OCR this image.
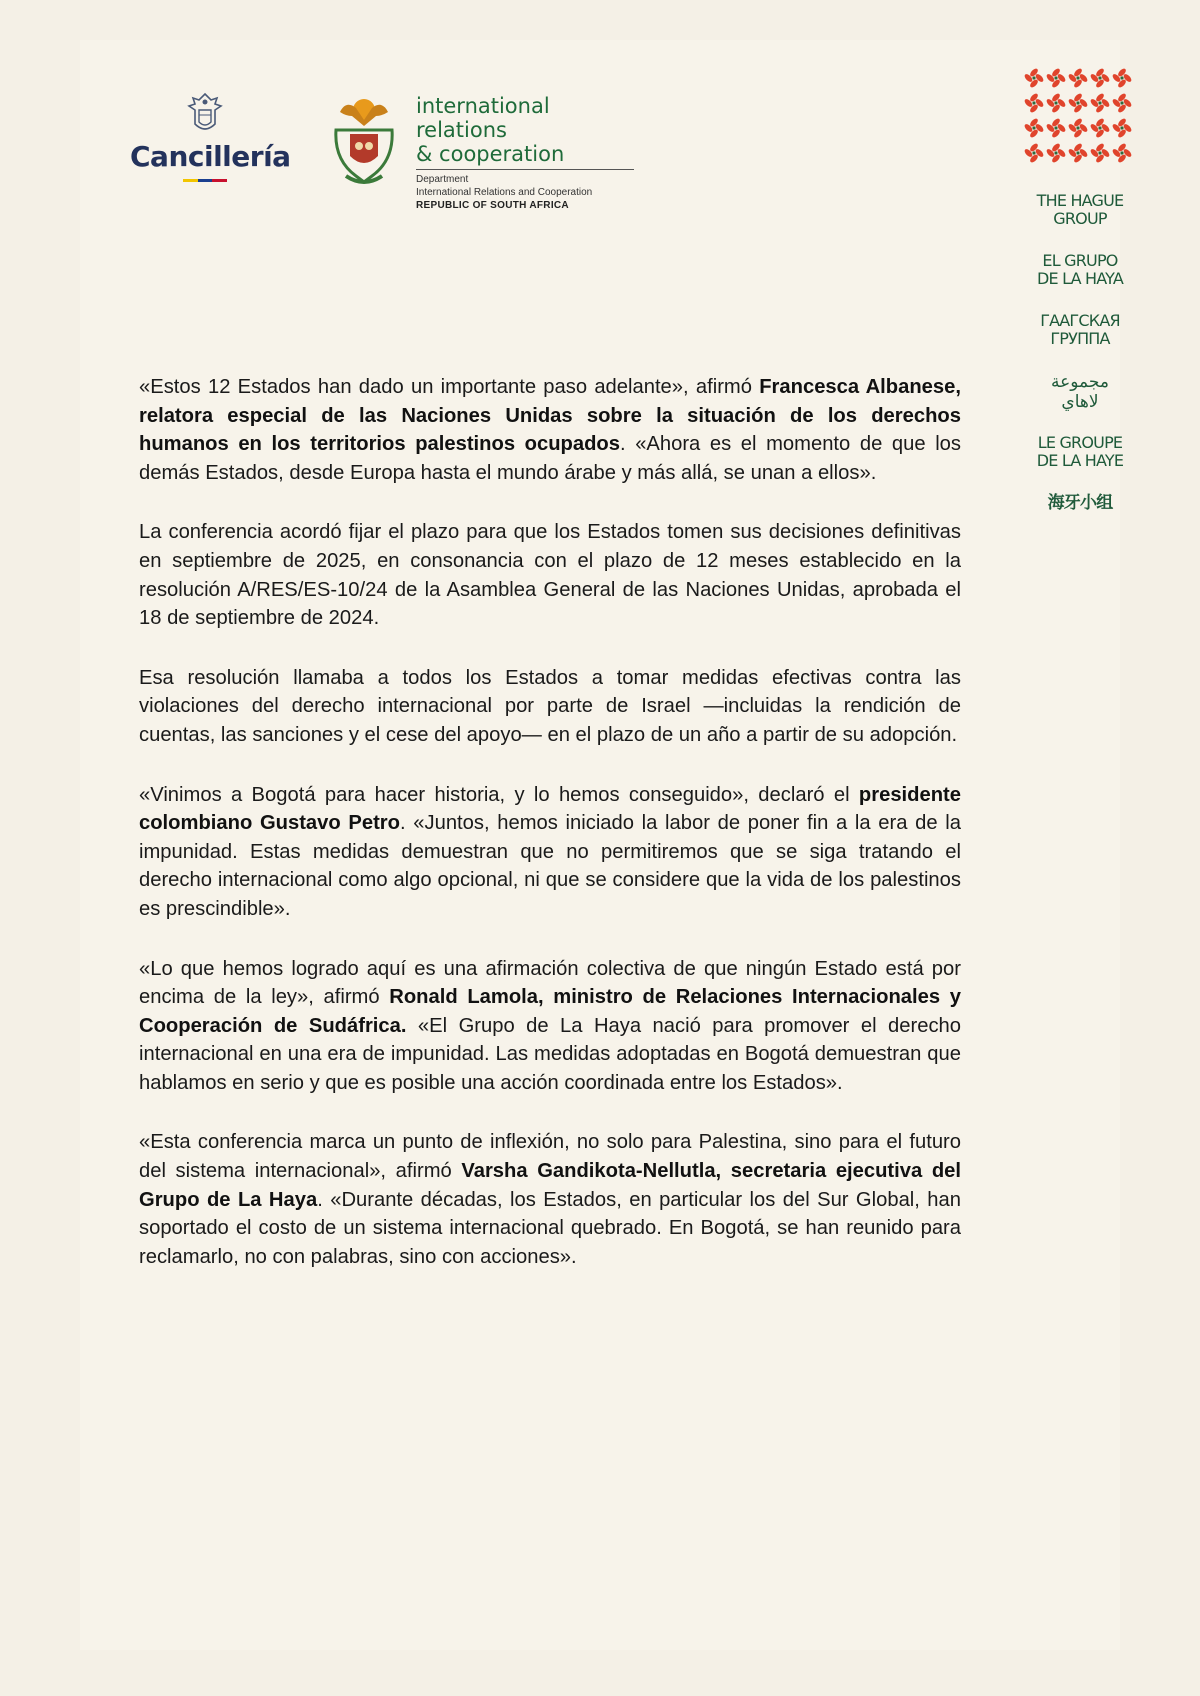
Cancillería
international relations
& cooperation
Department
International Relations and Cooperation
REPUBLIC OF SOUTH AFRICA	THE HAGUE
GROUP
EL GRUPO
DE LA HAYA
ГААГСКАЯ
ГРУППА
مجموعة
لاهاي
LE GROUPE
DE LA HAYE
海牙小组

«Estos 12 Estados han dado un importante paso adelante», afirmó Francesca Albanese, relatora especial de las Naciones Unidas sobre la situación de los derechos humanos en los territorios palestinos ocupados. «Ahora es el momento de que los demás Estados, desde Europa hasta el mundo árabe y más allá, se unan a ellos».

La conferencia acordó fijar el plazo para que los Estados tomen sus decisiones definitivas en septiembre de 2025, en consonancia con el plazo de 12 meses establecido en la resolución A/RES/ES-10/24 de la Asamblea General de las Naciones Unidas, aprobada el 18 de septiembre de 2024.

Esa resolución llamaba a todos los Estados a tomar medidas efectivas contra las violaciones del derecho internacional por parte de Israel —incluidas la rendición de cuentas, las sanciones y el cese del apoyo— en el plazo de un año a partir de su adopción.

«Vinimos a Bogotá para hacer historia, y lo hemos conseguido», declaró el presidente colombiano Gustavo Petro. «Juntos, hemos iniciado la labor de poner fin a la era de la impunidad. Estas medidas demuestran que no permitiremos que se siga tratando el derecho internacional como algo opcional, ni que se considere que la vida de los palestinos es prescindible».

«Lo que hemos logrado aquí es una afirmación colectiva de que ningún Estado está por encima de la ley», afirmó Ronald Lamola, ministro de Relaciones Internacionales y Cooperación de Sudáfrica. «El Grupo de La Haya nació para promover el derecho internacional en una era de impunidad. Las medidas adoptadas en Bogotá demuestran que hablamos en serio y que es posible una acción coordinada entre los Estados».

«Esta conferencia marca un punto de inflexión, no solo para Palestina, sino para el futuro del sistema internacional», afirmó Varsha Gandikota-Nellutla, secretaria ejecutiva del Grupo de La Haya. «Durante décadas, los Estados, en particular los del Sur Global, han soportado el costo de un sistema internacional quebrado. En Bogotá, se han reunido para reclamarlo, no con palabras, sino con acciones».
